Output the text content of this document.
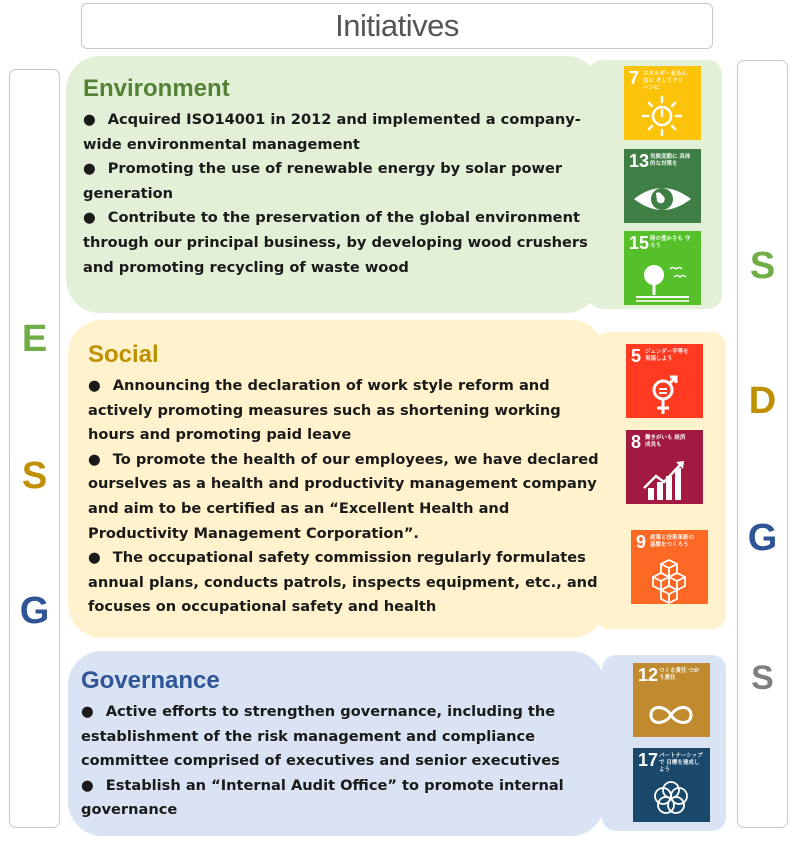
Initiatives
E
S
G
S
D
G
S
Environment
● Acquired ISO14001 in 2012 and implemented a company-wide environmental management
● Promoting the use of renewable energy by solar power generation
● Contribute to the preservation of the global environment through our principal business, by developing wood crushers and promoting recycling of waste wood
Social
● Announcing the declaration of work style reform and actively promoting measures such as shortening working hours and promoting paid leave
● To promote the health of our employees, we have declared ourselves as a health and productivity management company and aim to be certified as an “Excellent Health and Productivity Management Corporation”.
● The occupational safety commission regularly formulates annual plans, conducts patrols, inspects equipment, etc., and focuses on occupational safety and health
Governance
● Active efforts to strengthen governance, including the establishment of the risk management and compliance committee comprised of executives and senior executives
● Establish an “Internal Audit Office” to promote internal governance
7 エネルギーをみんなに そしてクリーンに
13 気候変動に 具体的な対策を
15 陸の豊かさも 守ろう
5 ジェンダー平等を 実現しよう
8 働きがいも 経済成長も
9 産業と技術革新の 基盤をつくろう
12 つくる責任 つかう責任
17 パートナーシップで 目標を達成しよう
